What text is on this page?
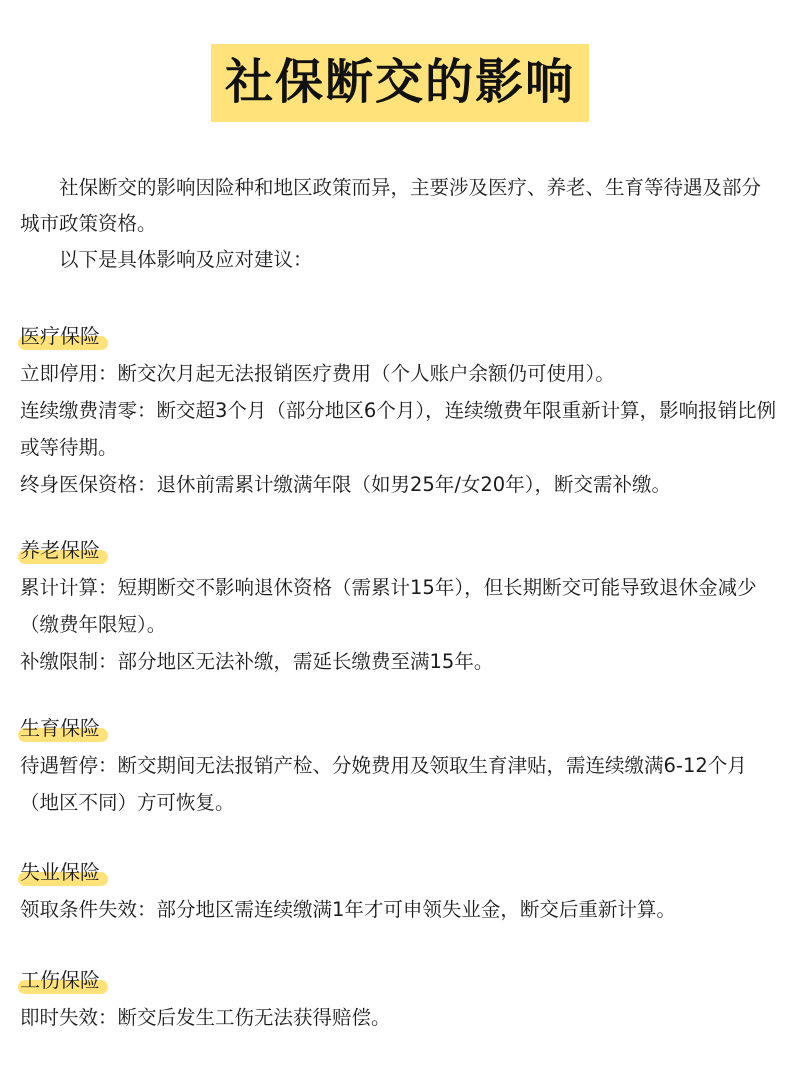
社保断交的影响

社保断交的影响因险种和地区政策而异，主要涉及医疗、养老、生育等待遇及部分城市政策资格。

以下是具体影响及应对建议：

医疗保险

立即停用：断交次月起无法报销医疗费用（个人账户余额仍可使用）。

连续缴费清零：断交超3个月（部分地区6个月），连续缴费年限重新计算，影响报销比例或等待期。

终身医保资格：退休前需累计缴满年限（如男25年/女20年），断交需补缴。

养老保险

累计计算：短期断交不影响退休资格（需累计15年），但长期断交可能导致退休金减少（缴费年限短）。

补缴限制：部分地区无法补缴，需延长缴费至满15年。

生育保险

待遇暂停：断交期间无法报销产检、分娩费用及领取生育津贴，需连续缴满6-12个月（地区不同）方可恢复。

失业保险

领取条件失效：部分地区需连续缴满1年才可申领失业金，断交后重新计算。

工伤保险

即时失效：断交后发生工伤无法获得赔偿。
